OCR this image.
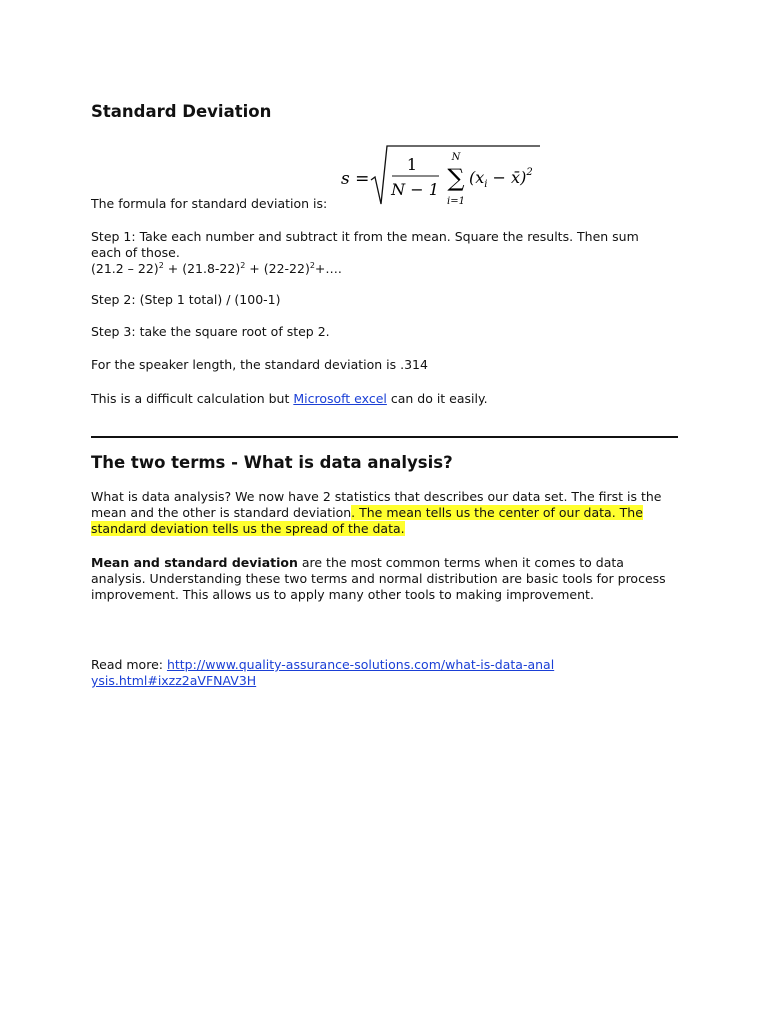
Standard Deviation
s =
1
N − 1
N
∑
i=1
($x_i$ − x̄)$^2$

The formula for standard deviation is:

Step 1: Take each number and subtract it from the mean. Square the results. Then sum each of those.

$(21.2 - 22)^2 + (21.8-22)^2$ + $(22-22)^2+\dots$.

Step 2: (Step 1 total) / (100-1)

Step 3: take the square root of step 2.

For the speaker length, the standard deviation is .314

This is a difficult calculation but Microsoft excel can do it easily.

The two terms - What is data analysis?

What is data analysis? We now have 2 statistics that describes our data set. The first is the mean and the other is standard deviation. The mean tells us the center of our data. The standard deviation tells us the spread of the data.

Mean and standard deviation are the most common terms when it comes to data analysis. Understanding these two terms and normal distribution are basic tools for process improvement. This allows us to apply many other tools to making improvement.

Read more: http://www.quality-assurance-solutions.com/what-is-data-analysis.html#ixzz2aVFNAV3H
